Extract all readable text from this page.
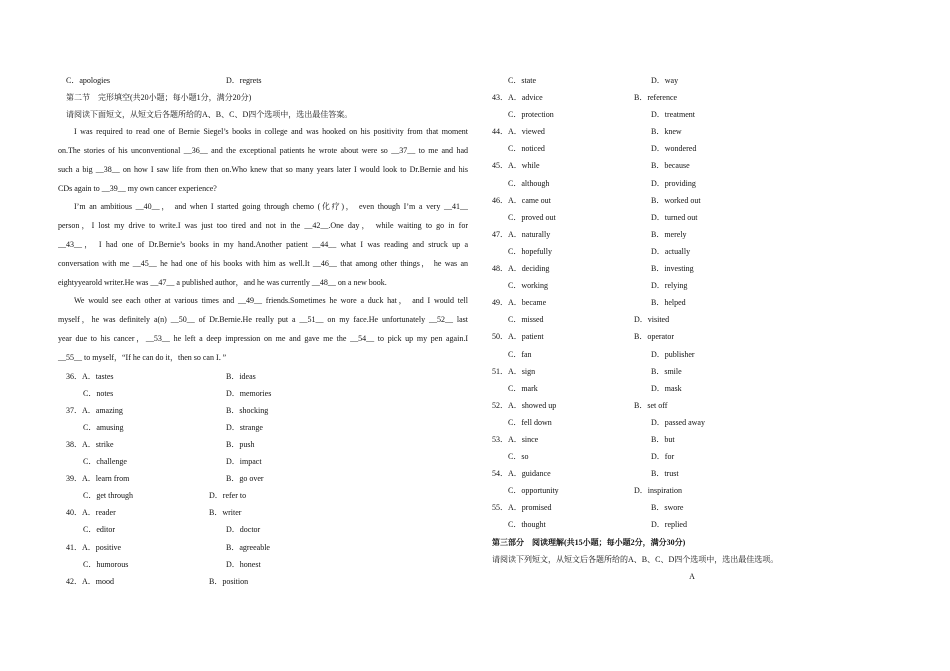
C．apologies	D．regrets
第二节　完形填空(共20小题；每小题1分，满分20分)
请阅读下面短文，从短文后各题所给的A、B、C、D四个选项中，选出最佳答案。
I was required to read one of Bernie Siegel’s books in college and was hooked on his positivity from that moment
on.The stories of his unconventional __36__ and the exceptional patients he wrote about were so __37__ to me and had
such a big __38__ on how I saw life from then on.Who knew that so many years later I would look to Dr.Bernie and his
CDs again to __39__ my own cancer experience?
I’m an ambitious __40__， and when I started going through chemo (化疗)， even though I’m a very __41__
person，I lost my drive to write.I was just too tired and not in the __42__.One day， while waiting to go in for
__43__， I had one of Dr.Bernie’s books in my hand.Another patient __44__ what I was reading and struck up a
conversation with me __45__ he had one of his books with him as well.It __46__ that among other things， he was an
eightyyearold writer.He was __47__ a published author，and he was currently __48__ on a new book.
We would see each other at various times and __49__ friends.Sometimes he wore a duck hat， and I would tell
myself，he was definitely a(n) __50__ of Dr.Bernie.He really put a __51__ on my face.He unfortunately __52__ last
year due to his cancer，__53__ he left a deep impression on me and gave me the __54__ to pick up my pen again.I
__55__ to myself，“If he can do it，then so can I．”
36．A．tastes	B．ideas
C．notes	D．memories
37．A．amazing	B．shocking
C．amusing	D．strange
38．A．strike	B．push
C．challenge	D．impact
39．A．learn from	B．go over
C．get through	D．refer to
40．A．reader	B．writer
C．editor	D．doctor
41．A．positive	B．agreeable
C．humorous	D．honest
42．A．mood	B．position
C．state	D．way
43．A．advice	B．reference
C．protection	D．treatment
44．A．viewed	B．knew
C．noticed	D．wondered
45．A．while	B．because
C．although	D．providing
46．A．came out	B．worked out
C．proved out	D．turned out
47．A．naturally	B．merely
C．hopefully	D．actually
48．A．deciding	B．investing
C．working	D．relying
49．A．became	B．helped
C．missed	D．visited
50．A．patient	B．operator
C．fan	D．publisher
51．A．sign	B．smile
C．mark	D．mask
52．A．showed up	B．set off
C．fell down	D．passed away
53．A．since	B．but
C．so	D．for
54．A．guidance	B．trust
C．opportunity	D．inspiration
55．A．promised	B．swore
C．thought	D．replied
第三部分　阅读理解(共15小题；每小题2分，满分30分)
请阅读下列短文，从短文后各题所给的A、B、C、D四个选项中，选出最佳选项。
A
